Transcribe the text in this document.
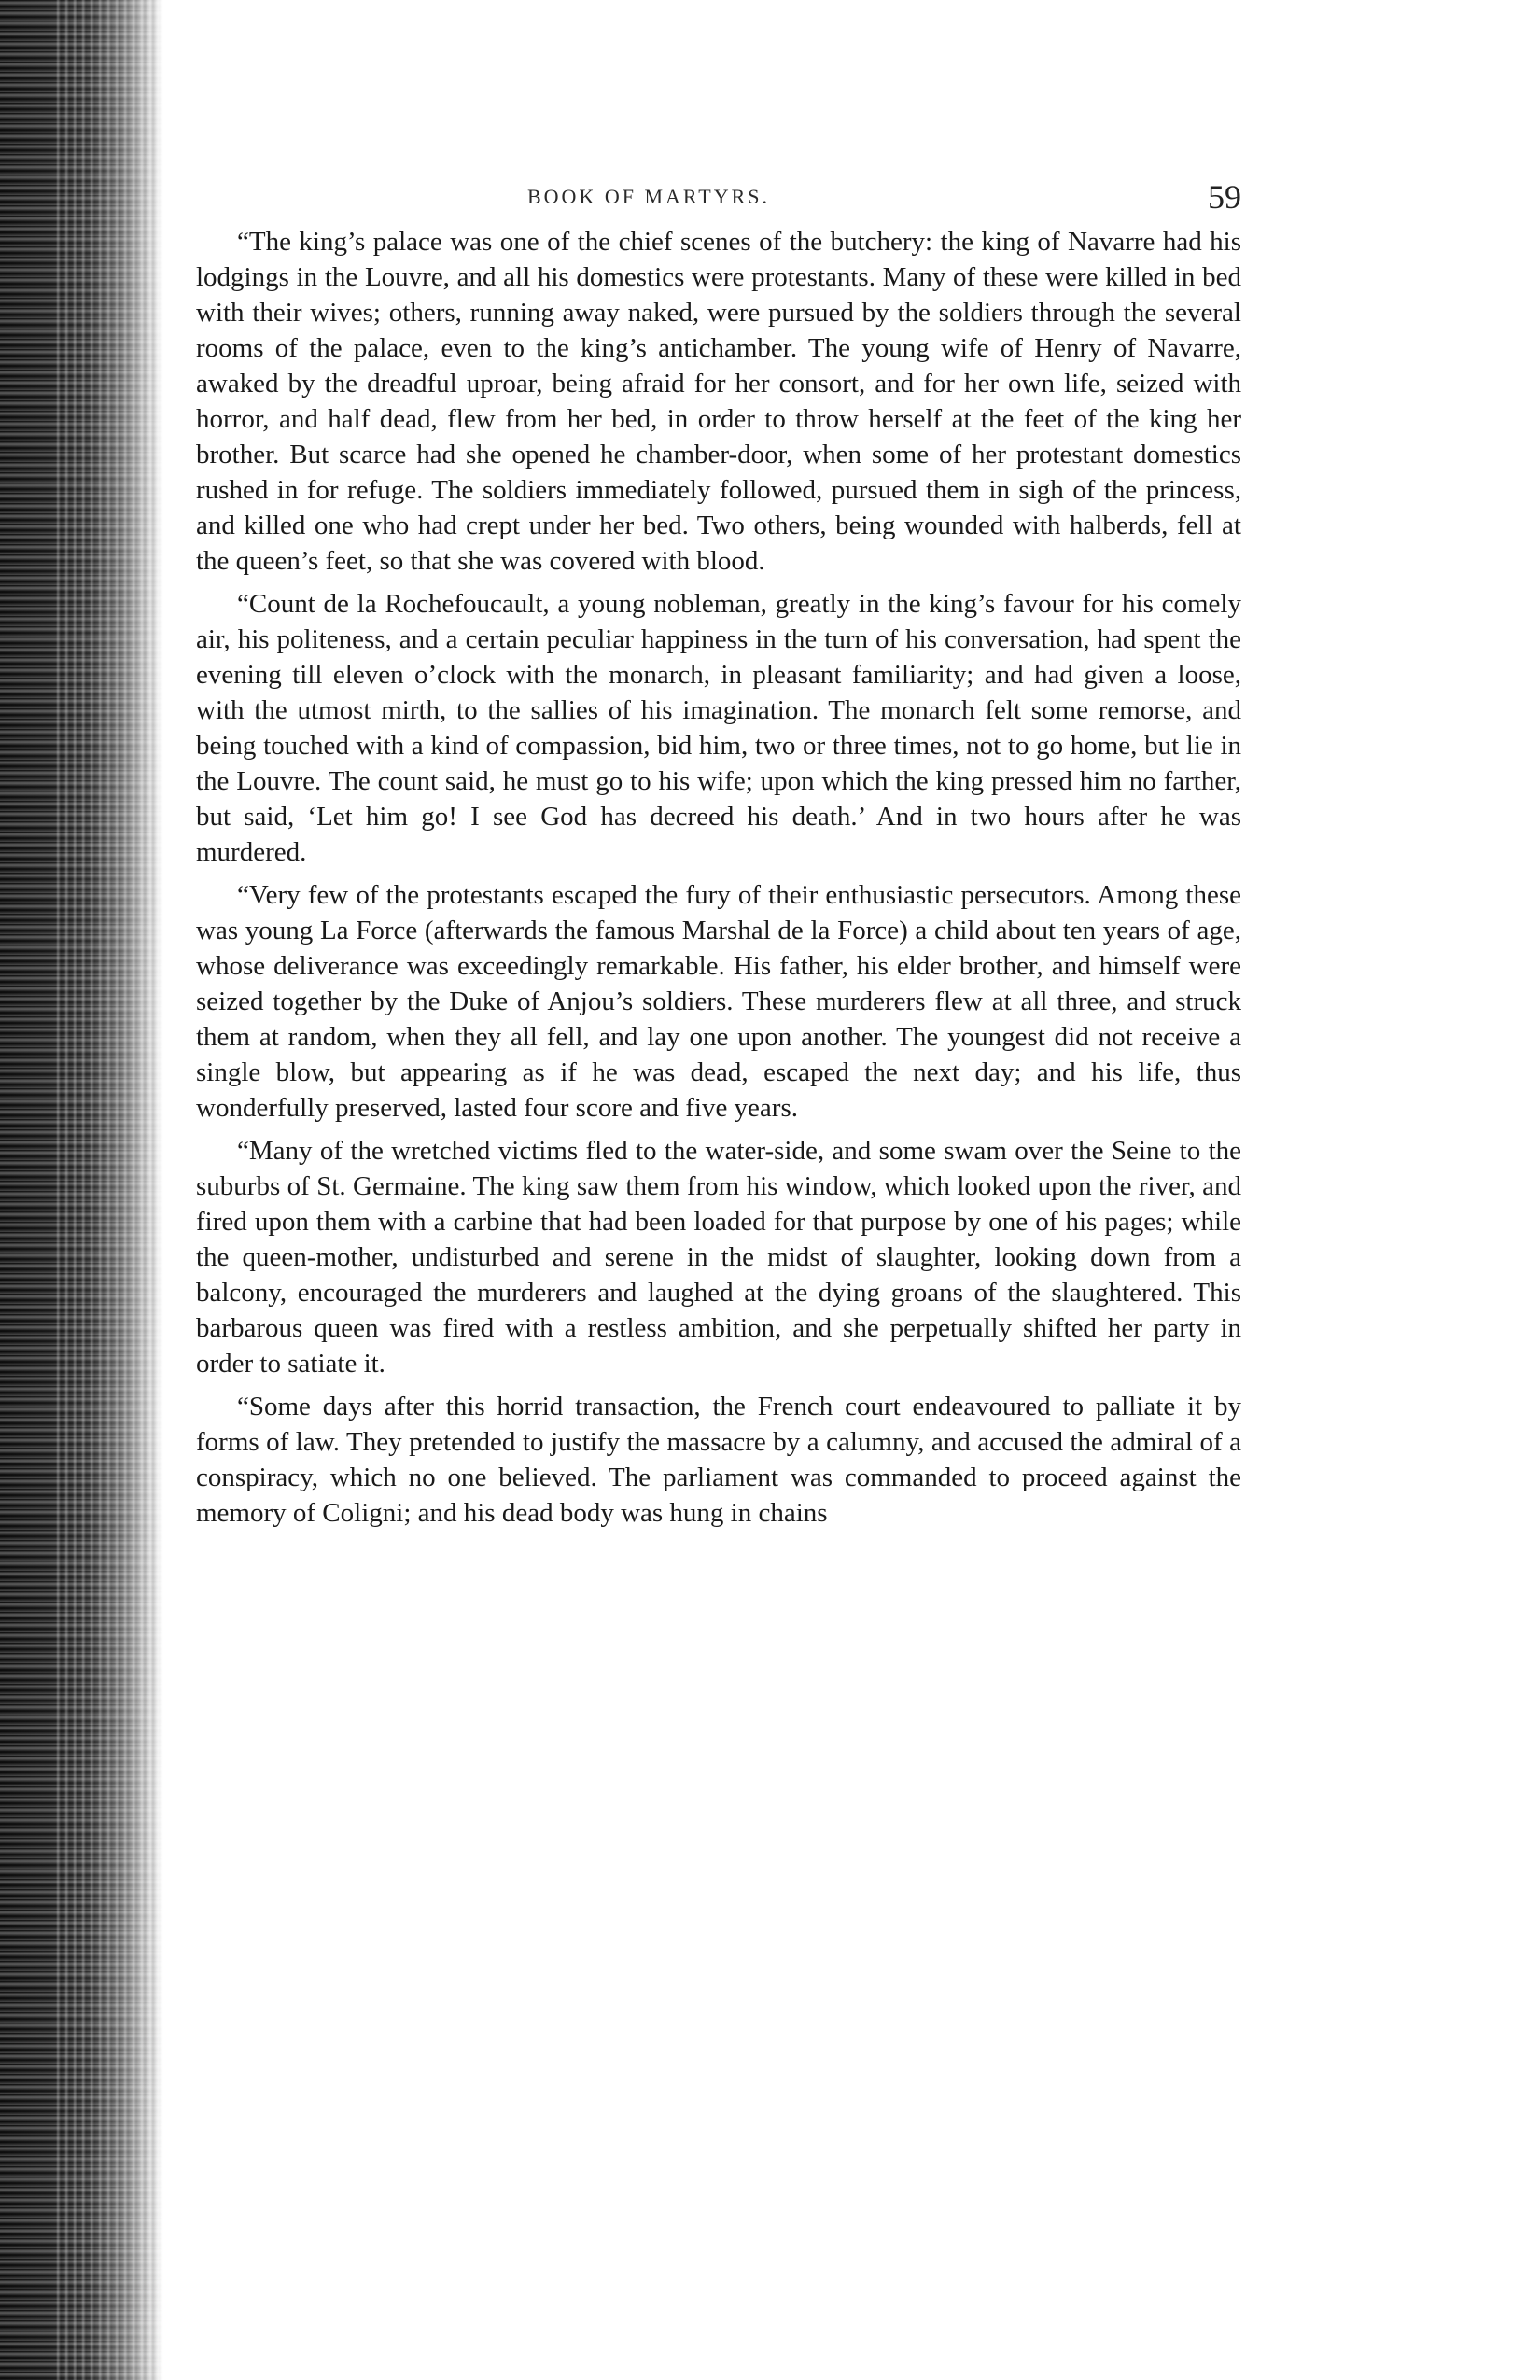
BOOK OF MARTYRS.	59

“The king’s palace was one of the chief scenes of the butchery: the king of Navarre had his lodgings in the Louvre, and all his domestics were protestants. Many of these were killed in bed with their wives; others, running away naked, were pursued by the soldiers through the several rooms of the palace, even to the king’s antichamber. The young wife of Henry of Navarre, awaked by the dreadful uproar, being afraid for her consort, and for her own life, seized with horror, and half dead, flew from her bed, in order to throw herself at the feet of the king her brother. But scarce had she opened he chamber-door, when some of her protestant domestics rushed in for refuge. The soldiers immediately followed, pursued them in sigh of the princess, and killed one who had crept under her bed. Two others, being wounded with halberds, fell at the queen’s feet, so that she was covered with blood.

“Count de la Rochefoucault, a young nobleman, greatly in the king’s favour for his comely air, his politeness, and a certain peculiar happiness in the turn of his conversation, had spent the evening till eleven o’clock with the monarch, in pleasant familiarity; and had given a loose, with the utmost mirth, to the sallies of his imagination. The monarch felt some remorse, and being touched with a kind of compassion, bid him, two or three times, not to go home, but lie in the Louvre. The count said, he must go to his wife; upon which the king pressed him no farther, but said, ‘Let him go! I see God has decreed his death.’ And in two hours after he was murdered.

“Very few of the protestants escaped the fury of their enthusiastic persecutors. Among these was young La Force (afterwards the famous Marshal de la Force) a child about ten years of age, whose deliverance was exceedingly remarkable. His father, his elder brother, and himself were seized together by the Duke of Anjou’s soldiers. These murderers flew at all three, and struck them at random, when they all fell, and lay one upon another. The youngest did not receive a single blow, but appearing as if he was dead, escaped the next day; and his life, thus wonderfully preserved, lasted four score and five years.

“Many of the wretched victims fled to the water-side, and some swam over the Seine to the suburbs of St. Germaine. The king saw them from his window, which looked upon the river, and fired upon them with a carbine that had been loaded for that purpose by one of his pages; while the queen-mother, undisturbed and serene in the midst of slaughter, looking down from a balcony, encouraged the murderers and laughed at the dying groans of the slaughtered. This barbarous queen was fired with a restless ambition, and she perpetually shifted her party in order to satiate it.

“Some days after this horrid transaction, the French court endeavoured to palliate it by forms of law. They pretended to justify the massacre by a calumny, and accused the admiral of a conspiracy, which no one believed. The parliament was commanded to proceed against the memory of Coligni; and his dead body was hung in chains
